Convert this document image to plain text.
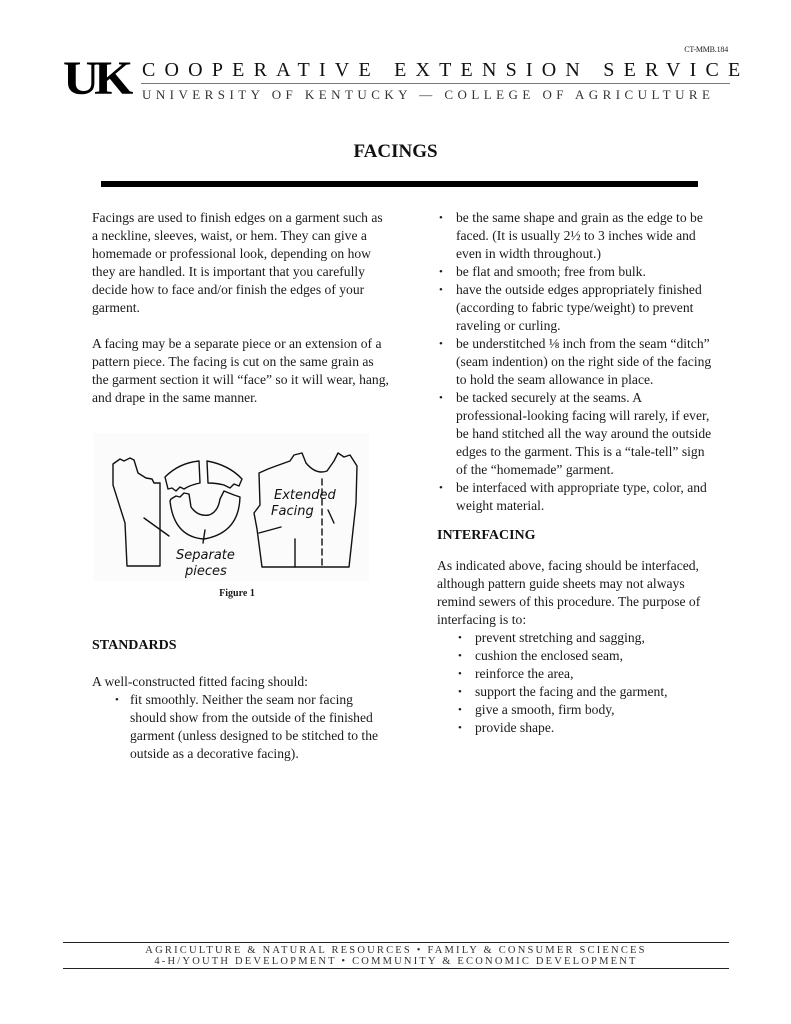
CT-MMB.184
UK COOPERATIVE EXTENSION SERVICE
UNIVERSITY OF KENTUCKY — COLLEGE OF AGRICULTURE
FACINGS

Facings are used to finish edges on a garment such as a neckline, sleeves, waist, or hem. They can give a homemade or professional look, depending on how they are handled. It is important that you carefully decide how to face and/or finish the edges of your garment.

A facing may be a separate piece or an extension of a pattern piece. The facing is cut on the same grain as the garment section it will “face” so it will wear, hang, and drape in the same manner.

Extended
Facing
Separate
pieces
Figure 1
STANDARDS

A well-constructed fitted facing should:

• fit smoothly. Neither the seam nor facing should show from the outside of the finished garment (unless designed to be stitched to the outside as a decorative facing).
• be the same shape and grain as the edge to be faced. (It is usually 2½ to 3 inches wide and even in width throughout.)
• be flat and smooth; free from bulk.
• have the outside edges appropriately finished (according to fabric type/weight) to prevent raveling or curling.
• be understitched ⅛ inch from the seam “ditch” (seam indention) on the right side of the facing to hold the seam allowance in place.
• be tacked securely at the seams. A professional-looking facing will rarely, if ever, be hand stitched all the way around the outside edges to the garment. This is a “tale-tell” sign of the “homemade” garment.
• be interfaced with appropriate type, color, and weight material.
INTERFACING

As indicated above, facing should be interfaced, although pattern guide sheets may not always remind sewers of this procedure. The purpose of interfacing is to:

• prevent stretching and sagging,
• cushion the enclosed seam,
• reinforce the area,
• support the facing and the garment,
• give a smooth, firm body,
• provide shape.
AGRICULTURE & NATURAL RESOURCES • FAMILY & CONSUMER SCIENCES
4-H/YOUTH DEVELOPMENT • COMMUNITY & ECONOMIC DEVELOPMENT
